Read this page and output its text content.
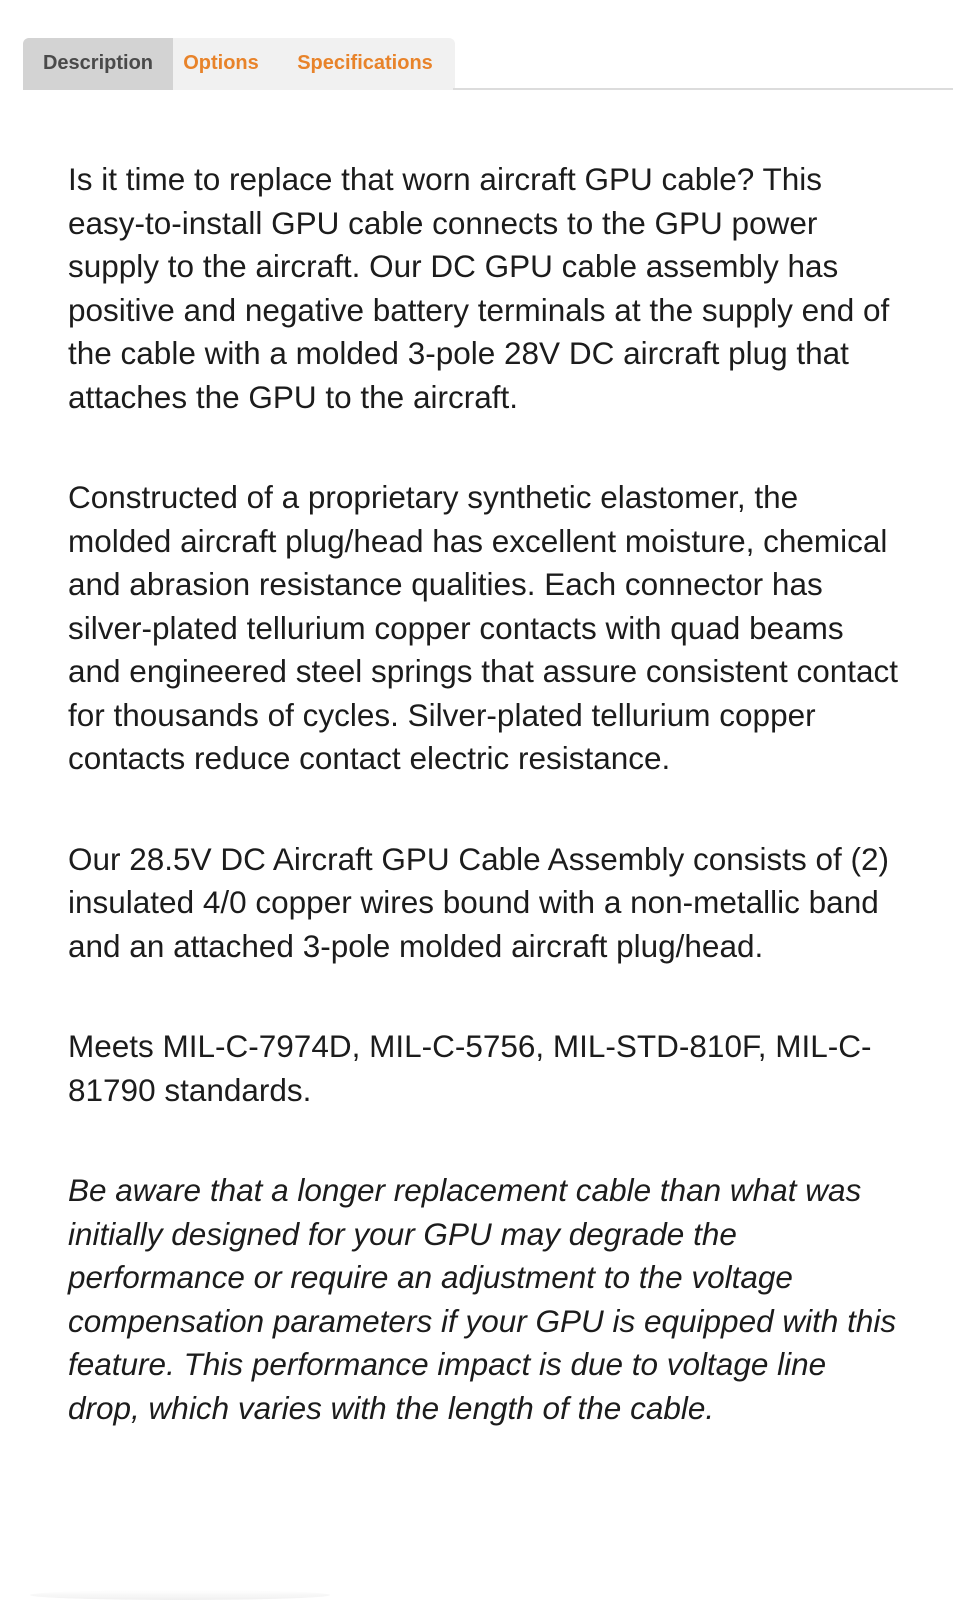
Description	Options	Specifications

Is it time to replace that worn aircraft GPU cable? This easy-to-install GPU cable connects to the GPU power supply to the aircraft. Our DC GPU cable assembly has positive and negative battery terminals at the supply end of the cable with a molded 3-pole 28V DC aircraft plug that attaches the GPU to the aircraft.

Constructed of a proprietary synthetic elastomer, the molded aircraft plug/head has excellent moisture, chemical and abrasion resistance qualities. Each connector has silver-plated tellurium copper contacts with quad beams and engineered steel springs that assure consistent contact for thousands of cycles. Silver-plated tellurium copper contacts reduce contact electric resistance.

Our 28.5V DC Aircraft GPU Cable Assembly consists of (2) insulated 4/0 copper wires bound with a non-metallic band and an attached 3-pole molded aircraft plug/head.

Meets MIL-C-7974D, MIL-C-5756, MIL-STD-810F, MIL-C-81790 standards.

Be aware that a longer replacement cable than what was initially designed for your GPU may degrade the performance or require an adjustment to the voltage compensation parameters if your GPU is equipped with this feature. This performance impact is due to voltage line drop, which varies with the length of the cable.
